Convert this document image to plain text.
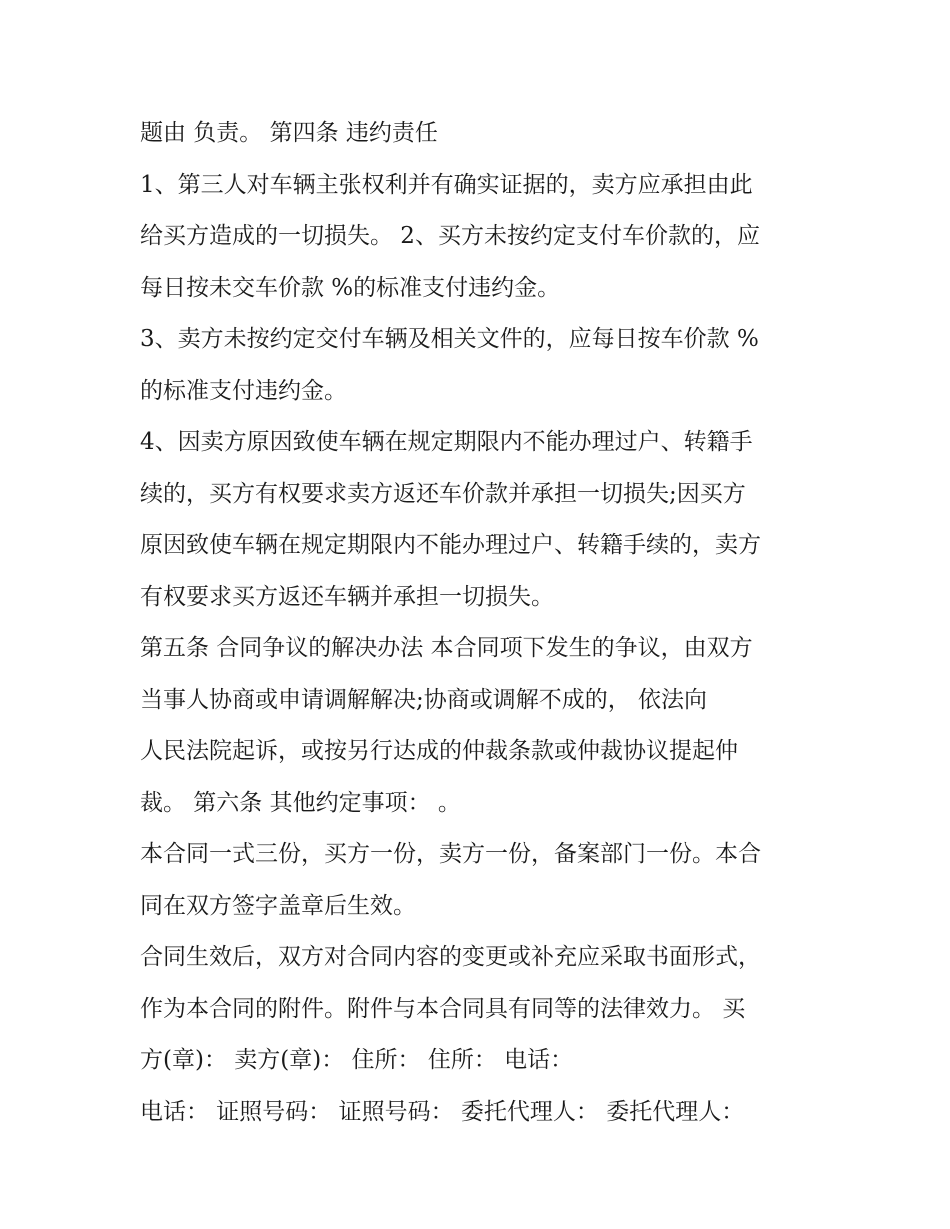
题由 负责。 第四条 违约责任
1、第三人对车辆主张权利并有确实证据的，卖方应承担由此
给买方造成的一切损失。 2、买方未按约定支付车价款的，应
每日按未交车价款 %的标准支付违约金。
3、卖方未按约定交付车辆及相关文件的，应每日按车价款 %
的标准支付违约金。
4、因卖方原因致使车辆在规定期限内不能办理过户、转籍手
续的，买方有权要求卖方返还车价款并承担一切损失;因买方
原因致使车辆在规定期限内不能办理过户、转籍手续的，卖方
有权要求买方返还车辆并承担一切损失。
第五条 合同争议的解决办法 本合同项下发生的争议，由双方
当事人协商或申请调解解决;协商或调解不成的， 依法向
人民法院起诉，或按另行达成的仲裁条款或仲裁协议提起仲
裁。 第六条 其他约定事项： 。
本合同一式三份，买方一份，卖方一份，备案部门一份。本合
同在双方签字盖章后生效。
合同生效后，双方对合同内容的变更或补充应采取书面形式，
作为本合同的附件。附件与本合同具有同等的法律效力。 买
方(章)： 卖方(章)： 住所： 住所： 电话：
电话： 证照号码： 证照号码： 委托代理人： 委托代理人：
